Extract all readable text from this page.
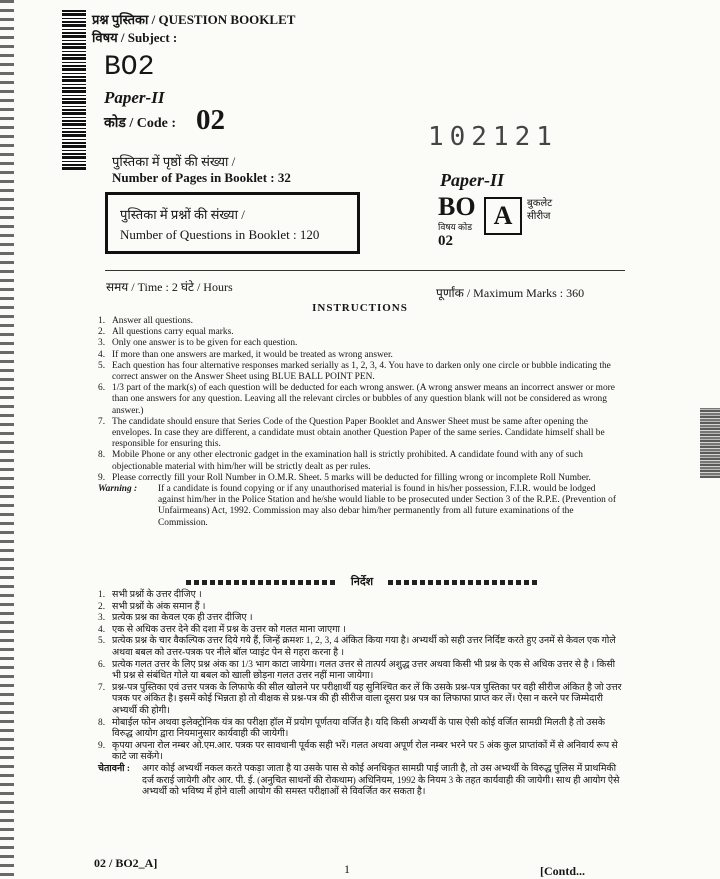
प्रश्न पुस्तिका / QUESTION BOOKLET
विषय / Subject :
BO2
Paper-II
कोड / Code : 02
102121
पुस्तिका में पृष्ठों की संख्या /
Number of Pages in Booklet : 32
पुस्तिका में प्रश्नों की संख्या /
Number of Questions in Booklet : 120
Paper-II
BO A	बुकलेट सीरीज
विषय कोड
02
समय / Time : 2 घंटे / Hours	पूर्णांक / Maximum Marks : 360
INSTRUCTIONS
1. Answer all questions.
2. All questions carry equal marks.
3. Only one answer is to be given for each question.
4. If more than one answers are marked, it would be treated as wrong answer.
5. Each question has four alternative responses marked serially as 1, 2, 3, 4. You have to darken only one circle or bubble indicating the correct answer on the Answer Sheet using BLUE BALL POINT PEN.
6. 1/3 part of the mark(s) of each question will be deducted for each wrong answer. (A wrong answer means an incorrect answer or more than one answers for any question. Leaving all the relevant circles or bubbles of any question blank will not be considered as wrong answer.)
7. The candidate should ensure that Series Code of the Question Paper Booklet and Answer Sheet must be same after opening the envelopes. In case they are different, a candidate must obtain another Question Paper of the same series. Candidate himself shall be responsible for ensuring this.
8. Mobile Phone or any other electronic gadget in the examination hall is strictly prohibited. A candidate found with any of such objectionable material with him/her will be strictly dealt as per rules.
9. Please correctly fill your Roll Number in O.M.R. Sheet. 5 marks will be deducted for filling wrong or incomplete Roll Number.
Warning :	If a candidate is found copying or if any unauthorised material is found in his/her possession, F.I.R. would be lodged against him/her in the Police Station and he/she would liable to be prosecuted under Section 3 of the R.P.E. (Prevention of Unfairmeans) Act, 1992. Commission may also debar him/her permanently from all future examinations of the Commission.
निर्देश
1. सभी प्रश्नों के उत्तर दीजिए ।
2. सभी प्रश्नों के अंक समान हैं ।
3. प्रत्येक प्रश्न का केवल एक ही उत्तर दीजिए ।
4. एक से अधिक उत्तर देने की दशा में प्रश्न के उत्तर को गलत माना जाएगा ।
5. प्रत्येक प्रश्न के चार वैकल्पिक उत्तर दिये गये हैं, जिन्हें क्रमशः 1, 2, 3, 4 अंकित किया गया है। अभ्यर्थी को सही उत्तर निर्दिष्ट करते हुए उनमें से केवल एक गोले अथवा बबल को उत्तर-पत्रक पर नीले बॉल प्वाइंट पेन से गहरा करना है ।
6. प्रत्येक गलत उत्तर के लिए प्रश्न अंक का 1/3 भाग काटा जायेगा। गलत उत्तर से तात्पर्य अशुद्ध उत्तर अथवा किसी भी प्रश्न के एक से अधिक उत्तर से है । किसी भी प्रश्न से संबंधित गोले या बबल को खाली छोड़ना गलत उत्तर नहीं माना जायेगा।
7. प्रश्न-पत्र पुस्तिका एवं उत्तर पत्रक के लिफाफे की सील खोलने पर परीक्षार्थी यह सुनिश्चित कर लें कि उसके प्रश्न-पत्र पुस्तिका पर वही सीरीज अंकित है जो उत्तर पत्रक पर अंकित है। इसमें कोई भिन्नता हो तो वीक्षक से प्रश्न-पत्र की ही सीरीज वाला दूसरा प्रश्न पत्र का लिफाफा प्राप्त कर लें। ऐसा न करने पर जिम्मेदारी अभ्यर्थी की होगी।
8. मोबाईल फोन अथवा इलेक्ट्रोनिक यंत्र का परीक्षा हॉल में प्रयोग पूर्णतया वर्जित है। यदि किसी अभ्यर्थी के पास ऐसी कोई वर्जित सामग्री मिलती है तो उसके विरुद्ध आयोग द्वारा नियमानुसार कार्यवाही की जायेगी।
9. कृपया अपना रोल नम्बर ओ.एम.आर. पत्रक पर सावधानी पूर्वक सही भरें। गलत अथवा अपूर्ण रोल नम्बर भरने पर 5 अंक कुल प्राप्तांकों में से अनिवार्य रूप से काटे जा सकेंगे।
चेतावनी :	अगर कोई अभ्यर्थी नकल करते पकड़ा जाता है या उसके पास से कोई अनधिकृत सामग्री पाई जाती है, तो उस अभ्यर्थी के विरुद्ध पुलिस में प्राथमिकी दर्ज कराई जायेगी और आर. पी. ई. (अनुचित साधनों की रोकथाम) अधिनियम, 1992 के नियम 3 के तहत कार्यवाही की जायेगी। साथ ही आयोग ऐसे अभ्यर्थी को भविष्य में होने वाली आयोग की समस्त परीक्षाओं से विवर्जित कर सकता है।
02 / BO2_A]	1	[Contd...
